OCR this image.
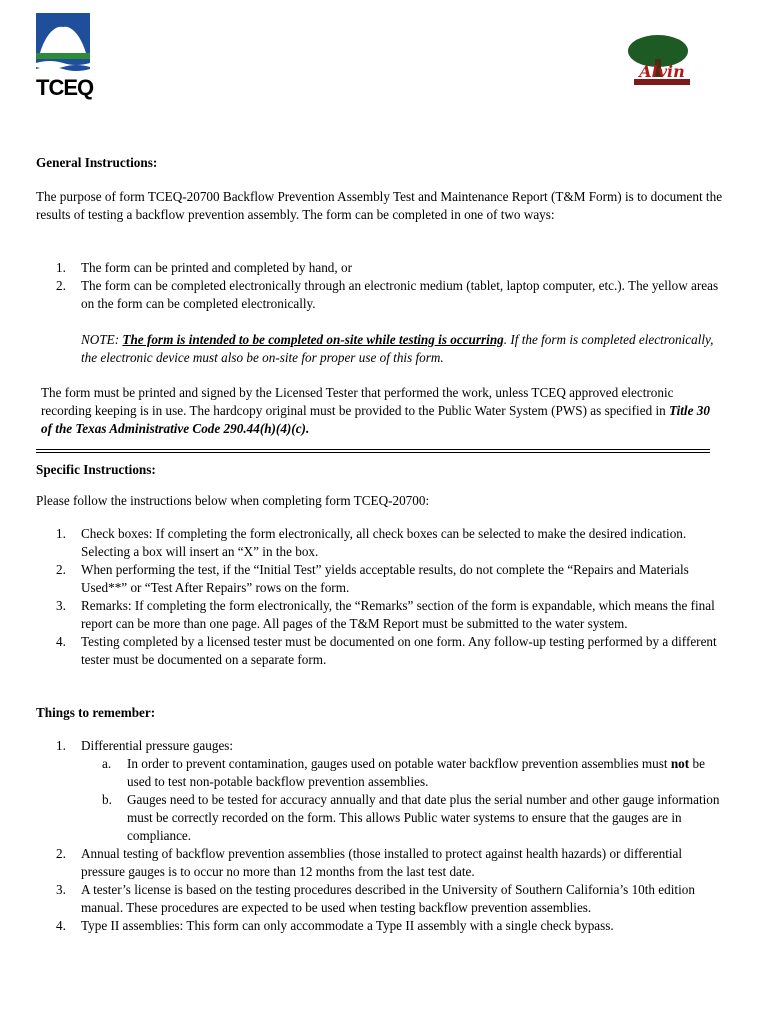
TCEQ
Alvin
General Instructions:

The purpose of form TCEQ-20700 Backflow Prevention Assembly Test and Maintenance Report (T&M Form) is to document the results of testing a backflow prevention assembly. The form can be completed in one of two ways:

1.	The form can be printed and completed by hand, or
2.	The form can be completed electronically through an electronic medium (tablet, laptop computer, etc.). The yellow areas on the form can be completed electronically.
NOTE: The form is intended to be completed on-site while testing is occurring. If the form is completed electronically, the electronic device must also be on-site for proper use of this form.

The form must be printed and signed by the Licensed Tester that performed the work, unless TCEQ approved electronic recording keeping is in use. The hardcopy original must be provided to the Public Water System (PWS) as specified in Title 30 of the Texas Administrative Code 290.44(h)(4)(c).

Specific Instructions:

Please follow the instructions below when completing form TCEQ-20700:

1.	Check boxes: If completing the form electronically, all check boxes can be selected to make the desired indication. Selecting a box will insert an “X” in the box.
2.	When performing the test, if the “Initial Test” yields acceptable results, do not complete the “Repairs and Materials Used**” or “Test After Repairs” rows on the form.
3.	Remarks: If completing the form electronically, the “Remarks” section of the form is expandable, which means the final report can be more than one page. All pages of the T&M Report must be submitted to the water system.
4.	Testing completed by a licensed tester must be documented on one form. Any follow-up testing performed by a different tester must be documented on a separate form.
Things to remember:
1.	Differential pressure gauges:
a. In order to prevent contamination, gauges used on potable water backflow prevention assemblies must not be used to test non-potable backflow prevention assemblies.
b. Gauges need to be tested for accuracy annually and that date plus the serial number and other gauge information must be correctly recorded on the form. This allows Public water systems to ensure that the gauges are in compliance.
2.	Annual testing of backflow prevention assemblies (those installed to protect against health hazards) or differential pressure gauges is to occur no more than 12 months from the last test date.
3.	A tester’s license is based on the testing procedures described in the University of Southern California’s 10th edition manual. These procedures are expected to be used when testing backflow prevention assemblies.
4.	Type II assemblies: This form can only accommodate a Type II assembly with a single check bypass.
